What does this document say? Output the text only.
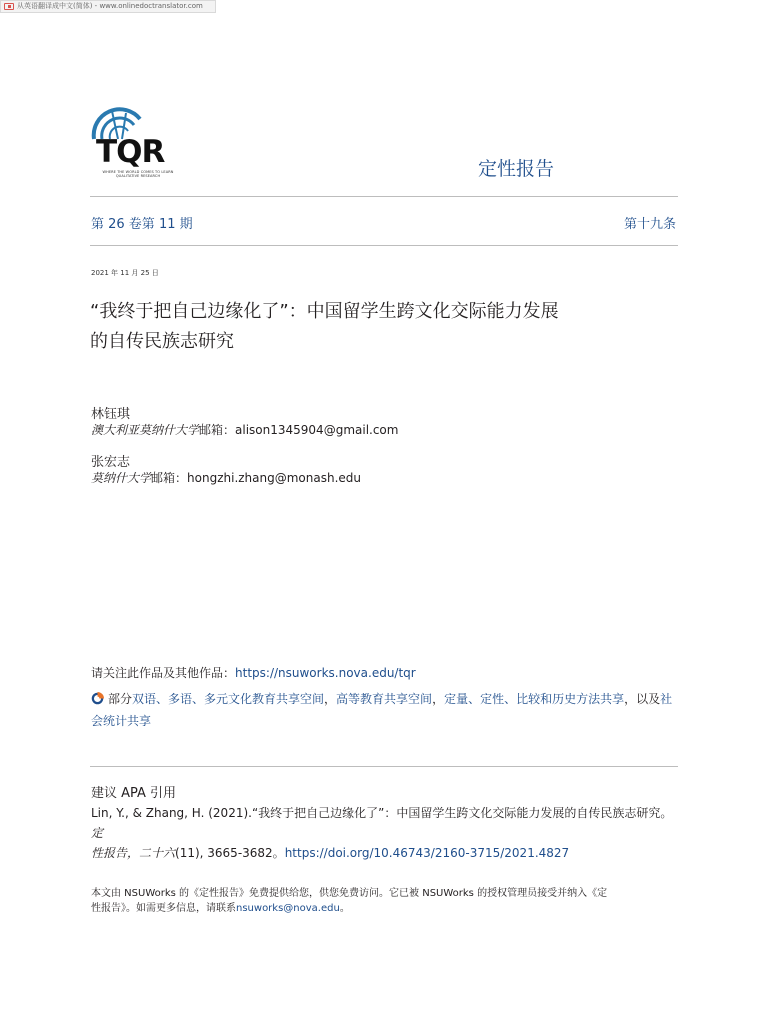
从英语翻译成中文(简体) - www.onlinedoctranslator.com
TQR
WHERE THE WORLD COMES TO LEARN QUALITATIVE RESEARCH	定性报告
第 26 卷第 11 期	第十九条
2021 年 11 月 25 日
“我终于把自己边缘化了”：中国留学生跨文化交际能力发展
的自传民族志研究
林钰琪
澳大利亚莫纳什大学邮箱：alison1345904@gmail.com
张宏志
莫纳什大学邮箱：hongzhi.zhang@monash.edu
请关注此作品及其他作品：https://nsuworks.nova.edu/tqr
部分双语、多语、多元文化教育共享空间，高等教育共享空间，定量、定性、比较和历史方法共享，以及社
会统计共享
建议 APA 引用
Lin, Y., & Zhang, H. (2021).“我终于把自己边缘化了”：中国留学生跨文化交际能力发展的自传民族志研究。定
性报告，二十六(11), 3665-3682。https://doi.org/10.46743/2160-3715/2021.4827
本文由 NSUWorks 的《定性报告》免费提供给您，供您免费访问。它已被 NSUWorks 的授权管理员接受并纳入《定
性报告》。如需更多信息，请联系nsuworks@nova.edu。
